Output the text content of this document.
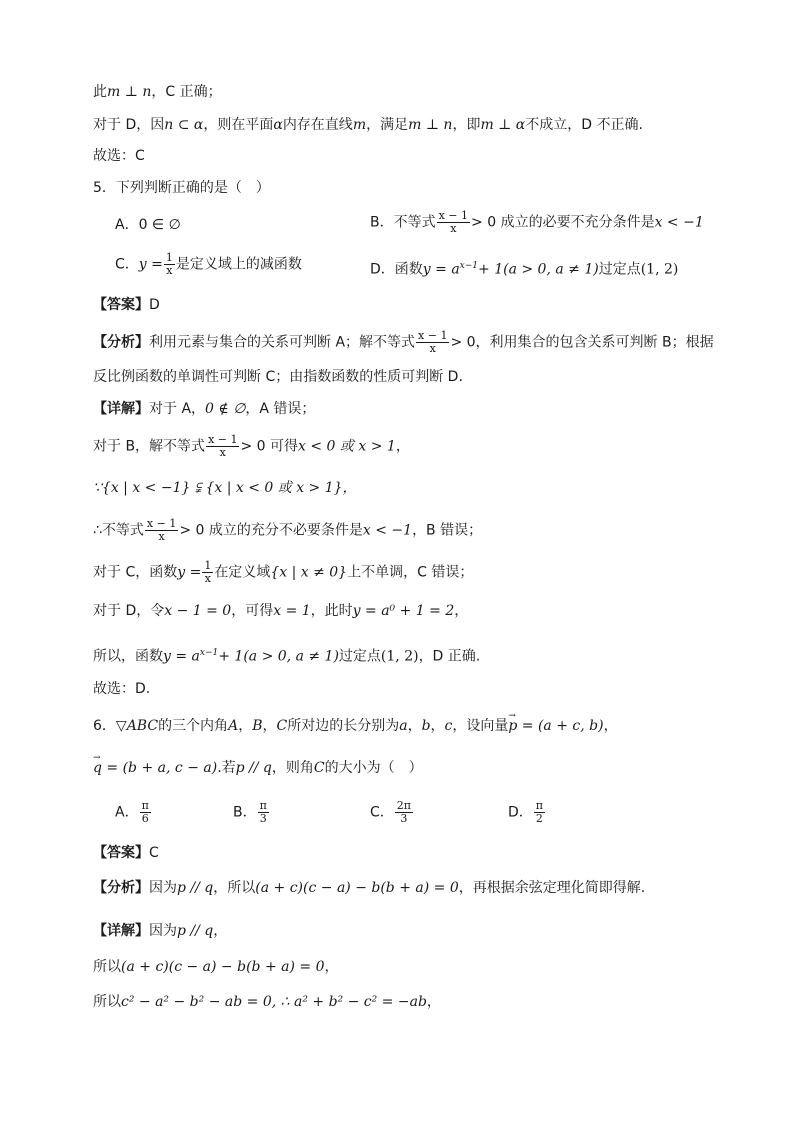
此m ⊥ n，C 正确；
对于 D，因n ⊂ α，则在平面α内存在直线m，满足m ⊥ n，即m ⊥ α不成立，D 不正确.
故选：C
5．下列判断正确的是（　）
A．0 ∈ ∅	B．不等式 $\frac{x - 1}{x} > 0$ 成立的必要不充分条件是x < −1
C．$y = \frac{1}{x}$ 是定义域上的减函数	D．函数$y = a^{x-1}+ 1(a > 0$, a ≠ 1)过定点(1, 2)
【答案】D
【分析】利用元素与集合的关系可判断 A；解不等式 $\frac{x - 1}{x} > 0$，利用集合的包含关系可判断 B；根据
反比例函数的单调性可判断 C；由指数函数的性质可判断 D.
【详解】对于 A，0 ∉ ∅，A 错误；
对于 B，解不等式 $\frac{x - 1}{x} > 0$ 可得x < 0 或 x > 1，
∵{x | x < −1} ⫋ {x | x < 0 或 x > 1}，
∴不等式 $\frac{x - 1}{x} > 0$ 成立的充分不必要条件是x < −1，B 错误；
对于 C，函数$y = \frac{1}{x}$ 在定义域{x | x ≠ 0}上不单调，C 错误；
对于 D，令x − 1 = 0，可得x = 1，此时y = a⁰ + 1 = 2，
所以，函数$y = a^{x-1}+ 1(a > 0$, a ≠ 1)过定点(1, 2)，D 正确.
故选：D.
6．▽ABC的三个内角A，B，C所对边的长分别为a，b，c，设向量→ p = (a + c, b)，
→ q = (b + a, c − a).若p // q，则角C的大小为（　）
A． $\frac{\pi}{6}$	B． $\frac{\pi}{3}$	C． $\frac{2\pi}{3}$	D． $\frac{\pi}{2}$
【答案】C
【分析】因为p // q，所以(a + c)(c − a) − b(b + a) = 0，再根据余弦定理化简即得解.
【详解】因为p // q，
所以(a + c)(c − a) − b(b + a) = 0，
所以c² − a² − b² − ab = 0, ∴ a² + b² − c² = −ab，
